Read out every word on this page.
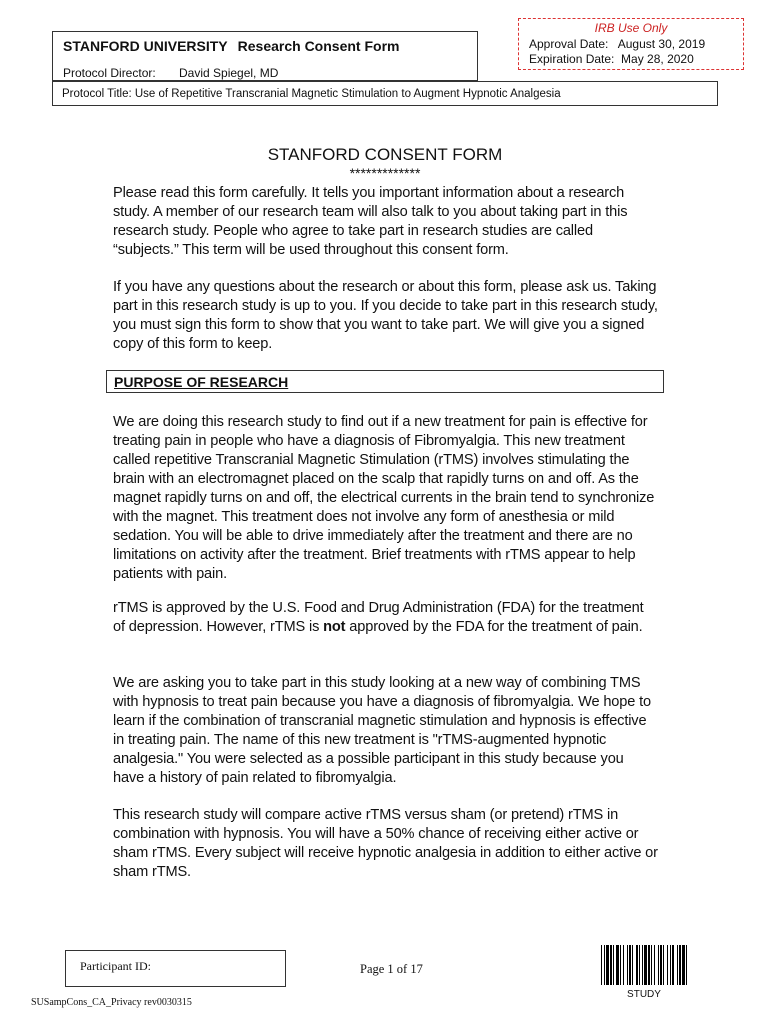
STANFORD UNIVERSITY Research Consent Form
Protocol Director: David Spiegel, MD
IRB Use Only
Approval Date:   August 30, 2019
Expiration Date:  May 28, 2020
Protocol Title: Use of Repetitive Transcranial Magnetic Stimulation to Augment Hypnotic Analgesia
STANFORD CONSENT FORM
*************
Please read this form carefully. It tells you important information about a research study. A member of our research team will also talk to you about taking part in this research study. People who agree to take part in research studies are called “subjects.” This term will be used throughout this consent form.
If you have any questions about the research or about this form, please ask us. Taking part in this research study is up to you. If you decide to take part in this research study, you must sign this form to show that you want to take part. We will give you a signed copy of this form to keep.
PURPOSE OF RESEARCH
We are doing this research study to find out if a new treatment for pain is effective for treating pain in people who have a diagnosis of Fibromyalgia. This new treatment called repetitive Transcranial Magnetic Stimulation (rTMS) involves stimulating the brain with an electromagnet placed on the scalp that rapidly turns on and off. As the magnet rapidly turns on and off, the electrical currents in the brain tend to synchronize with the magnet. This treatment does not involve any form of anesthesia or mild sedation. You will be able to drive immediately after the treatment and there are no limitations on activity after the treatment. Brief treatments with rTMS appear to help patients with pain.
rTMS is approved by the U.S. Food and Drug Administration (FDA) for the treatment of depression. However, rTMS is not approved by the FDA for the treatment of pain.
We are asking you to take part in this study looking at a new way of combining TMS with hypnosis to treat pain because you have a diagnosis of fibromyalgia. We hope to learn if the combination of transcranial magnetic stimulation and hypnosis is effective in treating pain. The name of this new treatment is "rTMS-augmented hypnotic analgesia." You were selected as a possible participant in this study because you have a history of pain related to fibromyalgia.
This research study will compare active rTMS versus sham (or pretend) rTMS in combination with hypnosis. You will have a 50% chance of receiving either active or sham rTMS. Every subject will receive hypnotic analgesia in addition to either active or sham rTMS.
Participant ID:	Page 1 of 17
SUSampCons_CA_Privacy rev0030315
STUDY
